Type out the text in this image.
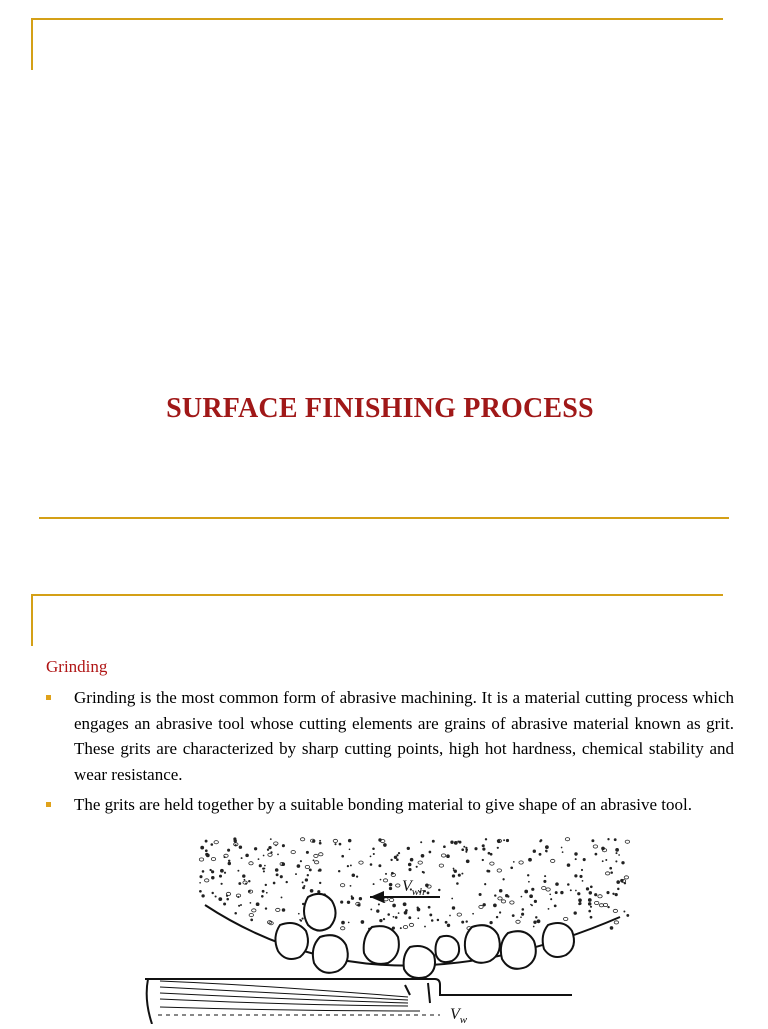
SURFACE FINISHING PROCESS
Grinding
Grinding is the most common form of abrasive machining. It is a material cutting process which engages an abrasive tool whose cutting elements are grains of abrasive material known as grit. These grits are characterized by sharp cutting points, high hot hardness, chemical stability and wear resistance.
The grits are held together by a suitable bonding material to give shape of an abrasive tool.
$V_{wh}$
$V_w$
